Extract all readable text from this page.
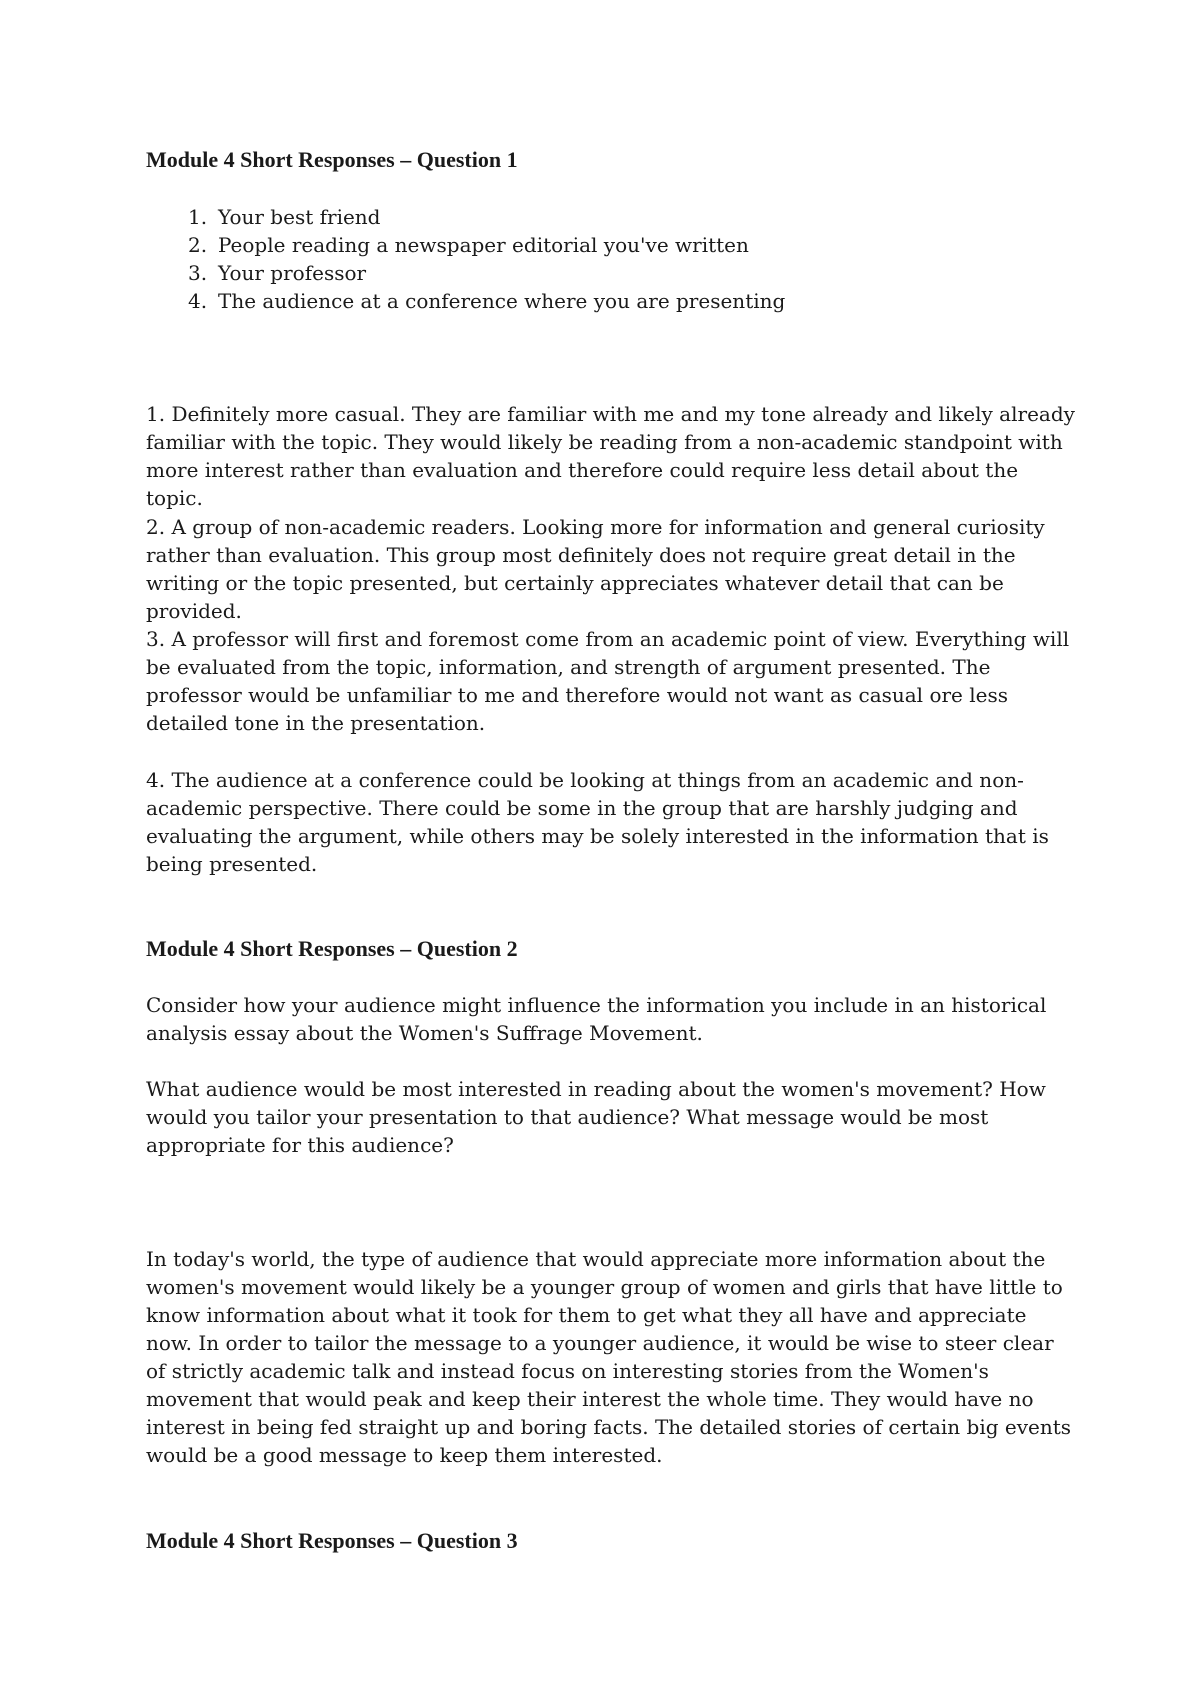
Module 4 Short Responses – Question 1
1. Your best friend
2. People reading a newspaper editorial you've written
3. Your professor
4. The audience at a conference where you are presenting

1. Definitely more casual. They are familiar with me and my tone already and likely already familiar with the topic. They would likely be reading from a non-academic standpoint with more interest rather than evaluation and therefore could require less detail about the topic.

2. A group of non-academic readers. Looking more for information and general curiosity rather than evaluation. This group most definitely does not require great detail in the writing or the topic presented, but certainly appreciates whatever detail that can be provided.

3. A professor will first and foremost come from an academic point of view. Everything will be evaluated from the topic, information, and strength of argument presented. The professor would be unfamiliar to me and therefore would not want as casual ore less detailed tone in the presentation.

4. The audience at a conference could be looking at things from an academic and non-academic perspective. There could be some in the group that are harshly judging and evaluating the argument, while others may be solely interested in the information that is being presented.

Module 4 Short Responses – Question 2

Consider how your audience might influence the information you include in an historical analysis essay about the Women's Suffrage Movement.

What audience would be most interested in reading about the women's movement? How would you tailor your presentation to that audience? What message would be most appropriate for this audience?

In today's world, the type of audience that would appreciate more information about the women's movement would likely be a younger group of women and girls that have little to know information about what it took for them to get what they all have and appreciate now. In order to tailor the message to a younger audience, it would be wise to steer clear of strictly academic talk and instead focus on interesting stories from the Women's movement that would peak and keep their interest the whole time. They would have no interest in being fed straight up and boring facts. The detailed stories of certain big events would be a good message to keep them interested.

Module 4 Short Responses – Question 3
